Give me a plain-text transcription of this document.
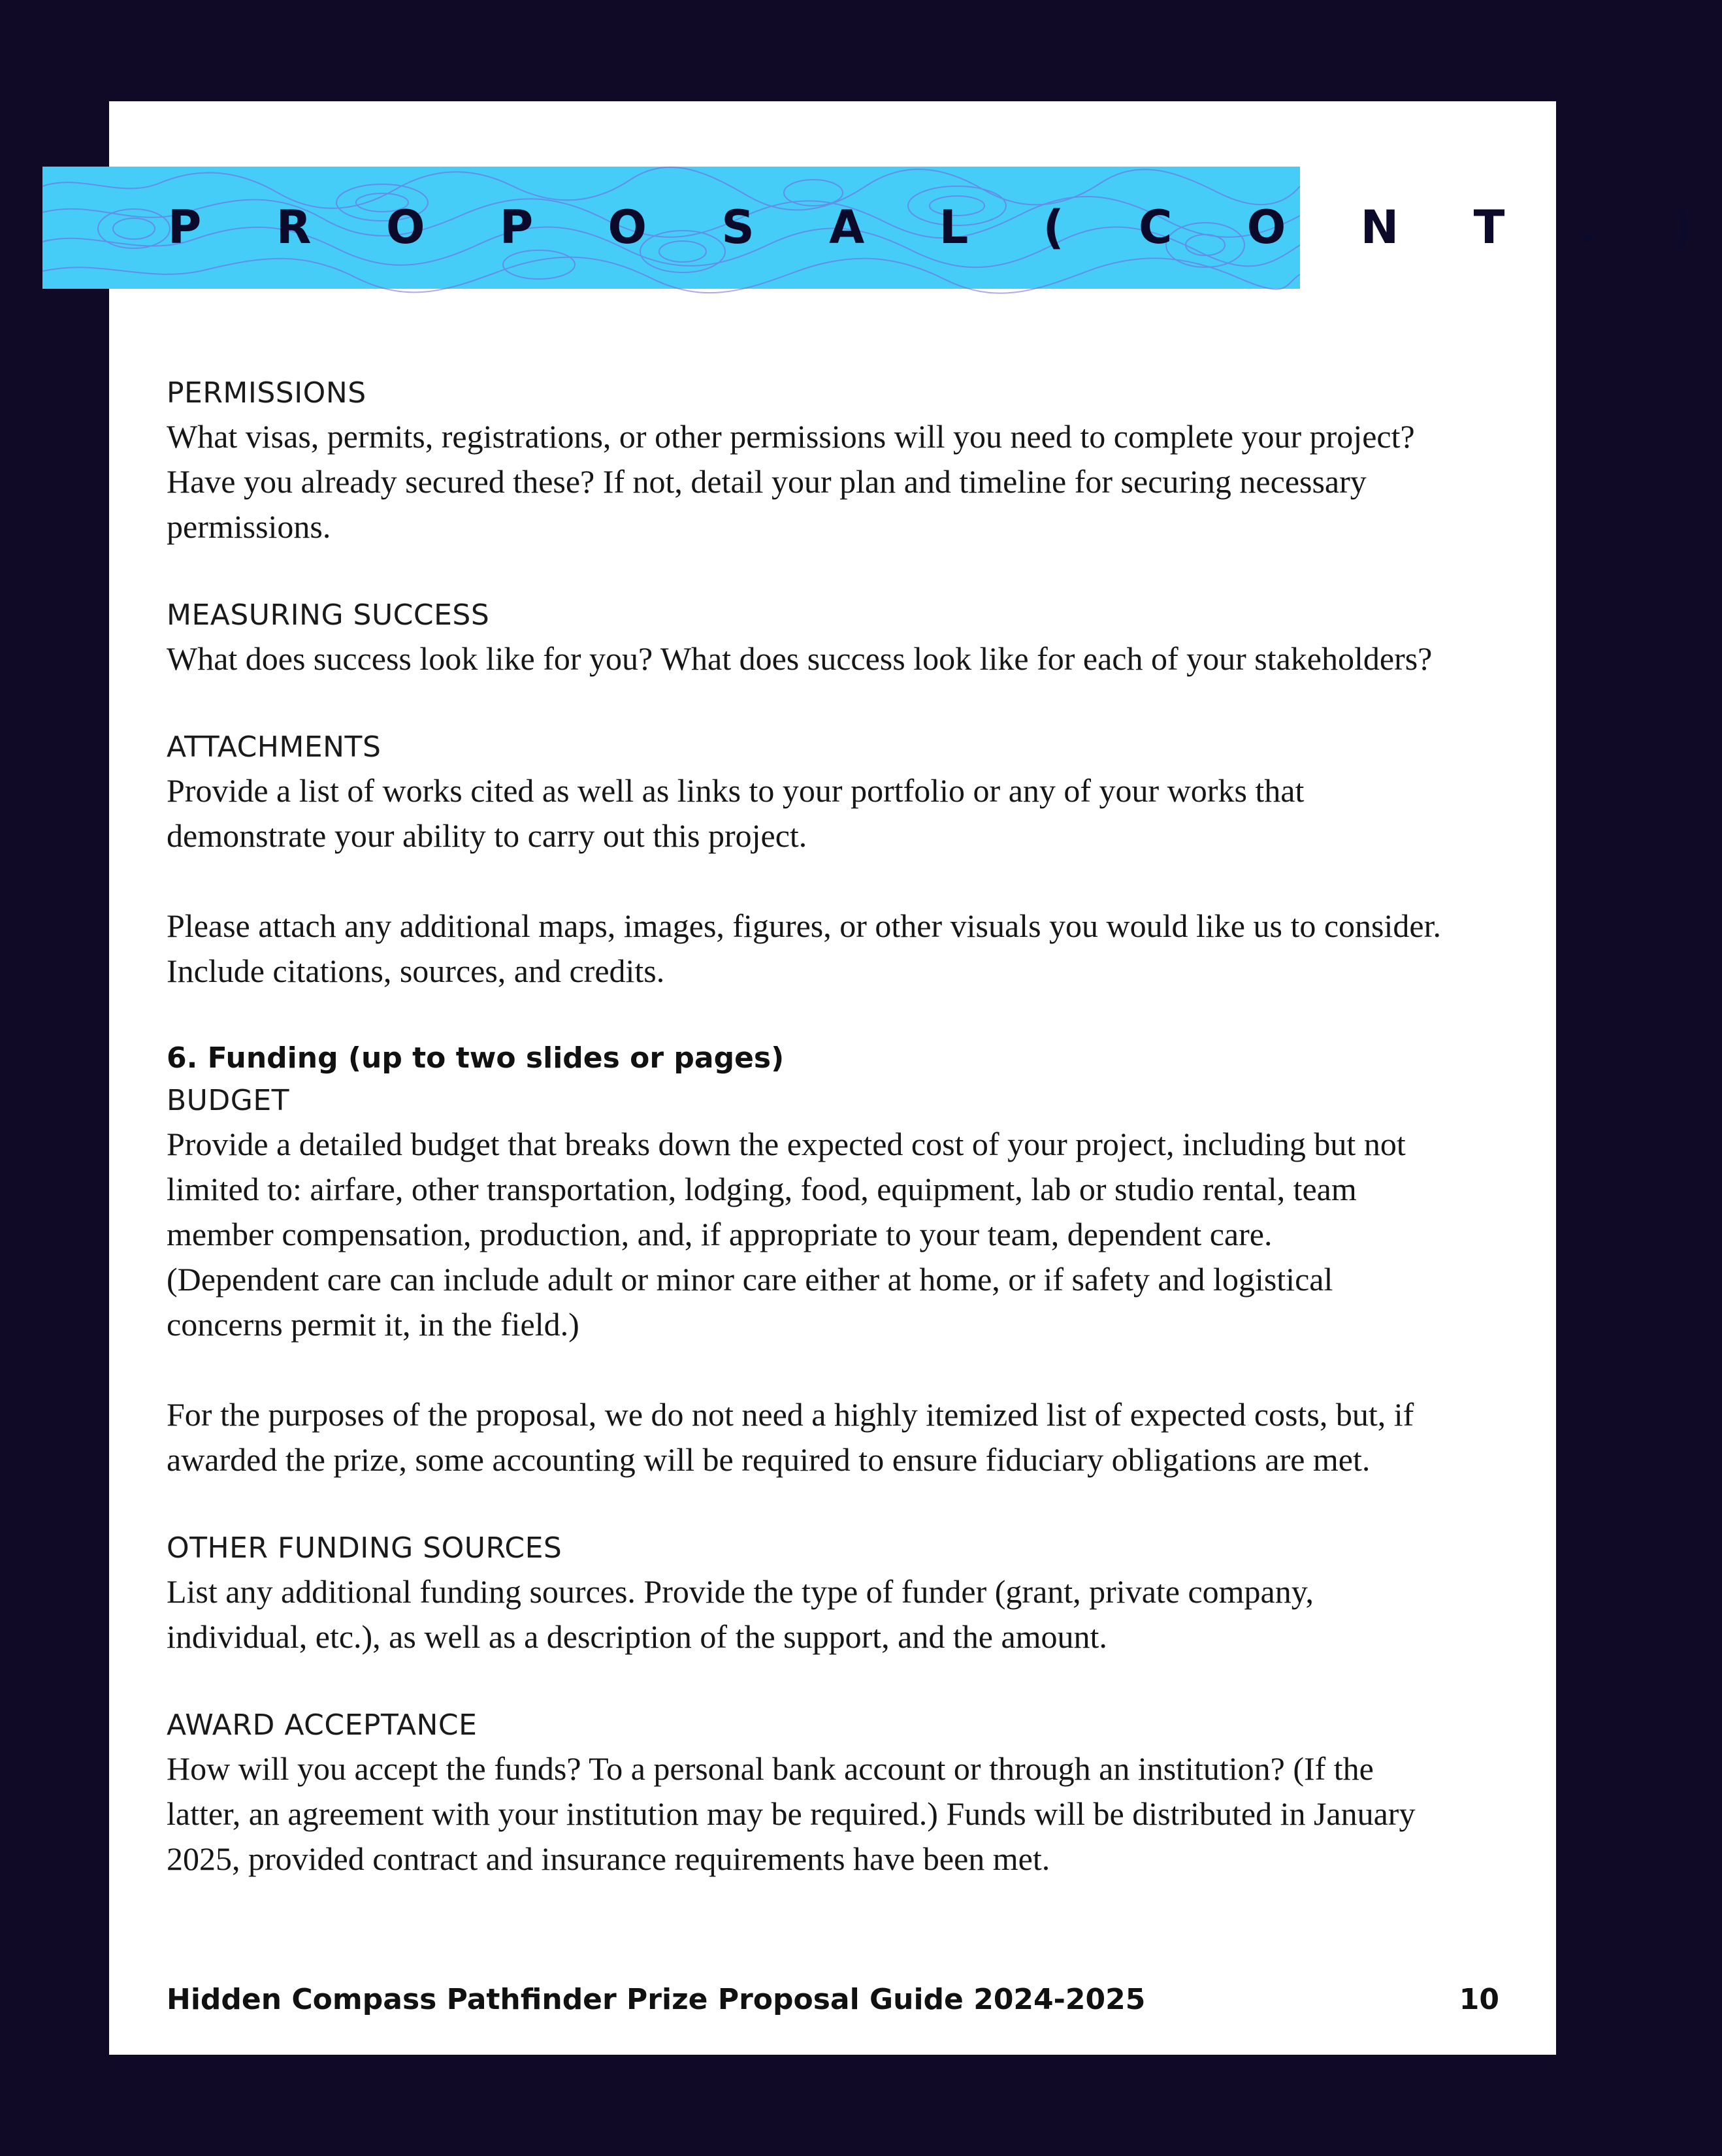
P R O P O S A L ( C O N T . )

PERMISSIONS

What visas, permits, registrations, or other permissions will you need to complete your project?

Have you already secured these? If not, detail your plan and timeline for securing necessary

permissions.

MEASURING SUCCESS

What does success look like for you? What does success look like for each of your stakeholders?

ATTACHMENTS

Provide a list of works cited as well as links to your portfolio or any of your works that

demonstrate your ability to carry out this project.

Please attach any additional maps, images, figures, or other visuals you would like us to consider.

Include citations, sources, and credits.

6. Funding (up to two slides or pages)

BUDGET

Provide a detailed budget that breaks down the expected cost of your project, including but not

limited to: airfare, other transportation, lodging, food, equipment, lab or studio rental, team

member compensation, production, and, if appropriate to your team, dependent care.

(Dependent care can include adult or minor care either at home, or if safety and logistical

concerns permit it, in the field.)

For the purposes of the proposal, we do not need a highly itemized list of expected costs, but, if

awarded the prize, some accounting will be required to ensure fiduciary obligations are met.

OTHER FUNDING SOURCES

List any additional funding sources. Provide the type of funder (grant, private company,

individual, etc.), as well as a description of the support, and the amount.

AWARD ACCEPTANCE

How will you accept the funds? To a personal bank account or through an institution? (If the

latter, an agreement with your institution may be required.) Funds will be distributed in January

2025, provided contract and insurance requirements have been met.

Hidden Compass Pathfinder Prize Proposal Guide 2024-2025	10
